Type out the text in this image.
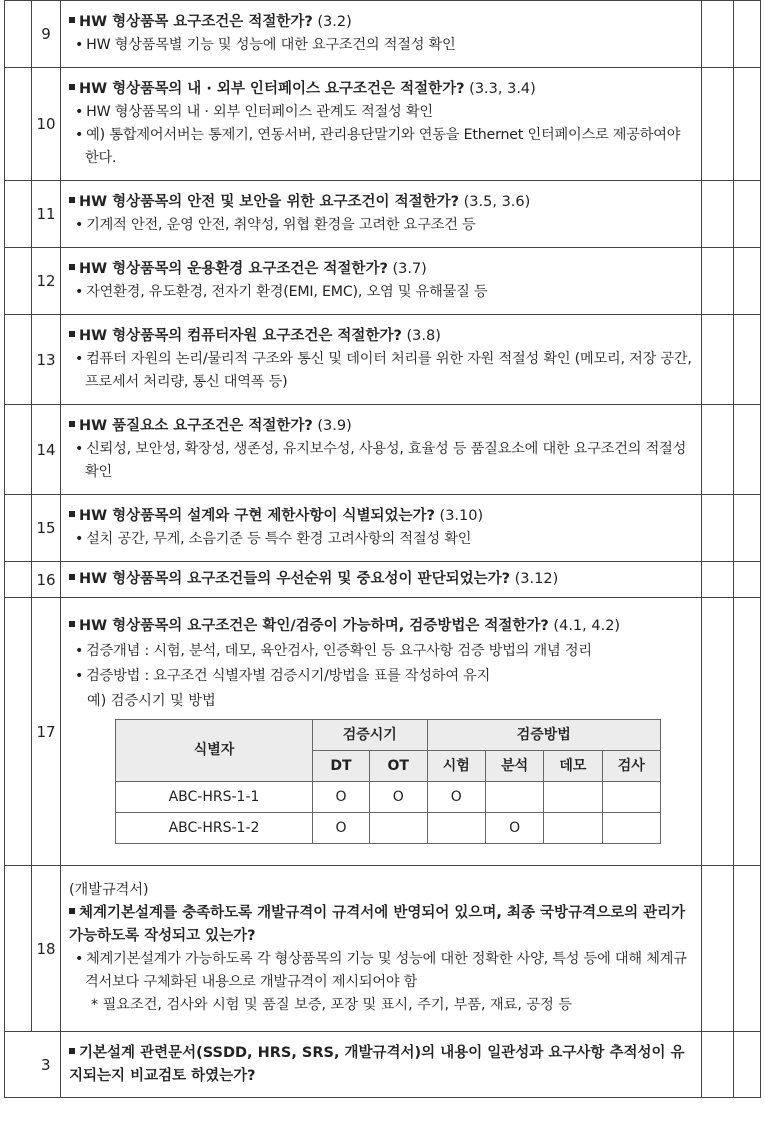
	9	
HW 형상품목 요구조건은 적절한가? (3.2)
• HW 형상품목별 기능 및 성능에 대한 요구조건의 적절성 확인

	10	
HW 형상품목의 내 · 외부 인터페이스 요구조건은 적절한가? (3.3, 3.4)
• HW 형상품목의 내 · 외부 인터페이스 관계도 적절성 확인
• 예) 통합제어서버는 통제기, 연동서버, 관리용단말기와 연동을 Ethernet 인터페이스로 제공하여야 한다.

	11	
HW 형상품목의 안전 및 보안을 위한 요구조건이 적절한가? (3.5, 3.6)
• 기계적 안전, 운영 안전, 취약성, 위협 환경을 고려한 요구조건 등

	12	
HW 형상품목의 운용환경 요구조건은 적절한가? (3.7)
• 자연환경, 유도환경, 전자기 환경(EMI, EMC), 오염 및 유해물질 등

	13	
HW 형상품목의 컴퓨터자원 요구조건은 적절한가? (3.8)
• 컴퓨터 자원의 논리/물리적 구조와 통신 및 데이터 처리를 위한 자원 적절성 확인 (메모리, 저장 공간, 프로세서 처리량, 통신 대역폭 등)

	14	
HW 품질요소 요구조건은 적절한가? (3.9)
• 신뢰성, 보안성, 확장성, 생존성, 유지보수성, 사용성, 효율성 등 품질요소에 대한 요구조건의 적절성 확인

	15	
HW 형상품목의 설계와 구현 제한사항이 식별되었는가? (3.10)
• 설치 공간, 무게, 소음기준 등 특수 환경 고려사항의 적절성 확인

	16	HW 형상품목의 요구조건들의 우선순위 및 중요성이 판단되었는가? (3.12)

	17	
HW 형상품목의 요구조건은 확인/검증이 가능하며, 검증방법은 적절한가? (4.1, 4.2)
• 검증개념 : 시험, 분석, 데모, 육안검사, 인증확인 등 요구사항 검증 방법의 개념 정리
• 검증방법 : 요구조건 식별자별 검증시기/방법을 표를 작성하여 유지
예) 검증시기 및 방법
식별자	검증시기	검증방법
DT	OT	시험	분석	데모	검사
ABC-HRS-1-1	O	O	O			
ABC-HRS-1-2	O			O		

	18	
(개발규격서)
체계기본설계를 충족하도록 개발규격이 규격서에 반영되어 있으며, 최종 국방규격으로의 관리가 가능하도록 작성되고 있는가?
• 체계기본설계가 가능하도록 각 형상품목의 기능 및 성능에 대한 정확한 사양, 특성 등에 대해 체계규격서보다 구체화된 내용으로 개발규격이 제시되어야 함
* 필요조건, 검사와 시험 및 품질 보증, 포장 및 표시, 주기, 부품, 재료, 공정 등

3	
기본설계 관련문서(SSDD, HRS, SRS, 개발규격서)의 내용이 일관성과 요구사항 추적성이 유지되는지 비교검토 하였는가?
